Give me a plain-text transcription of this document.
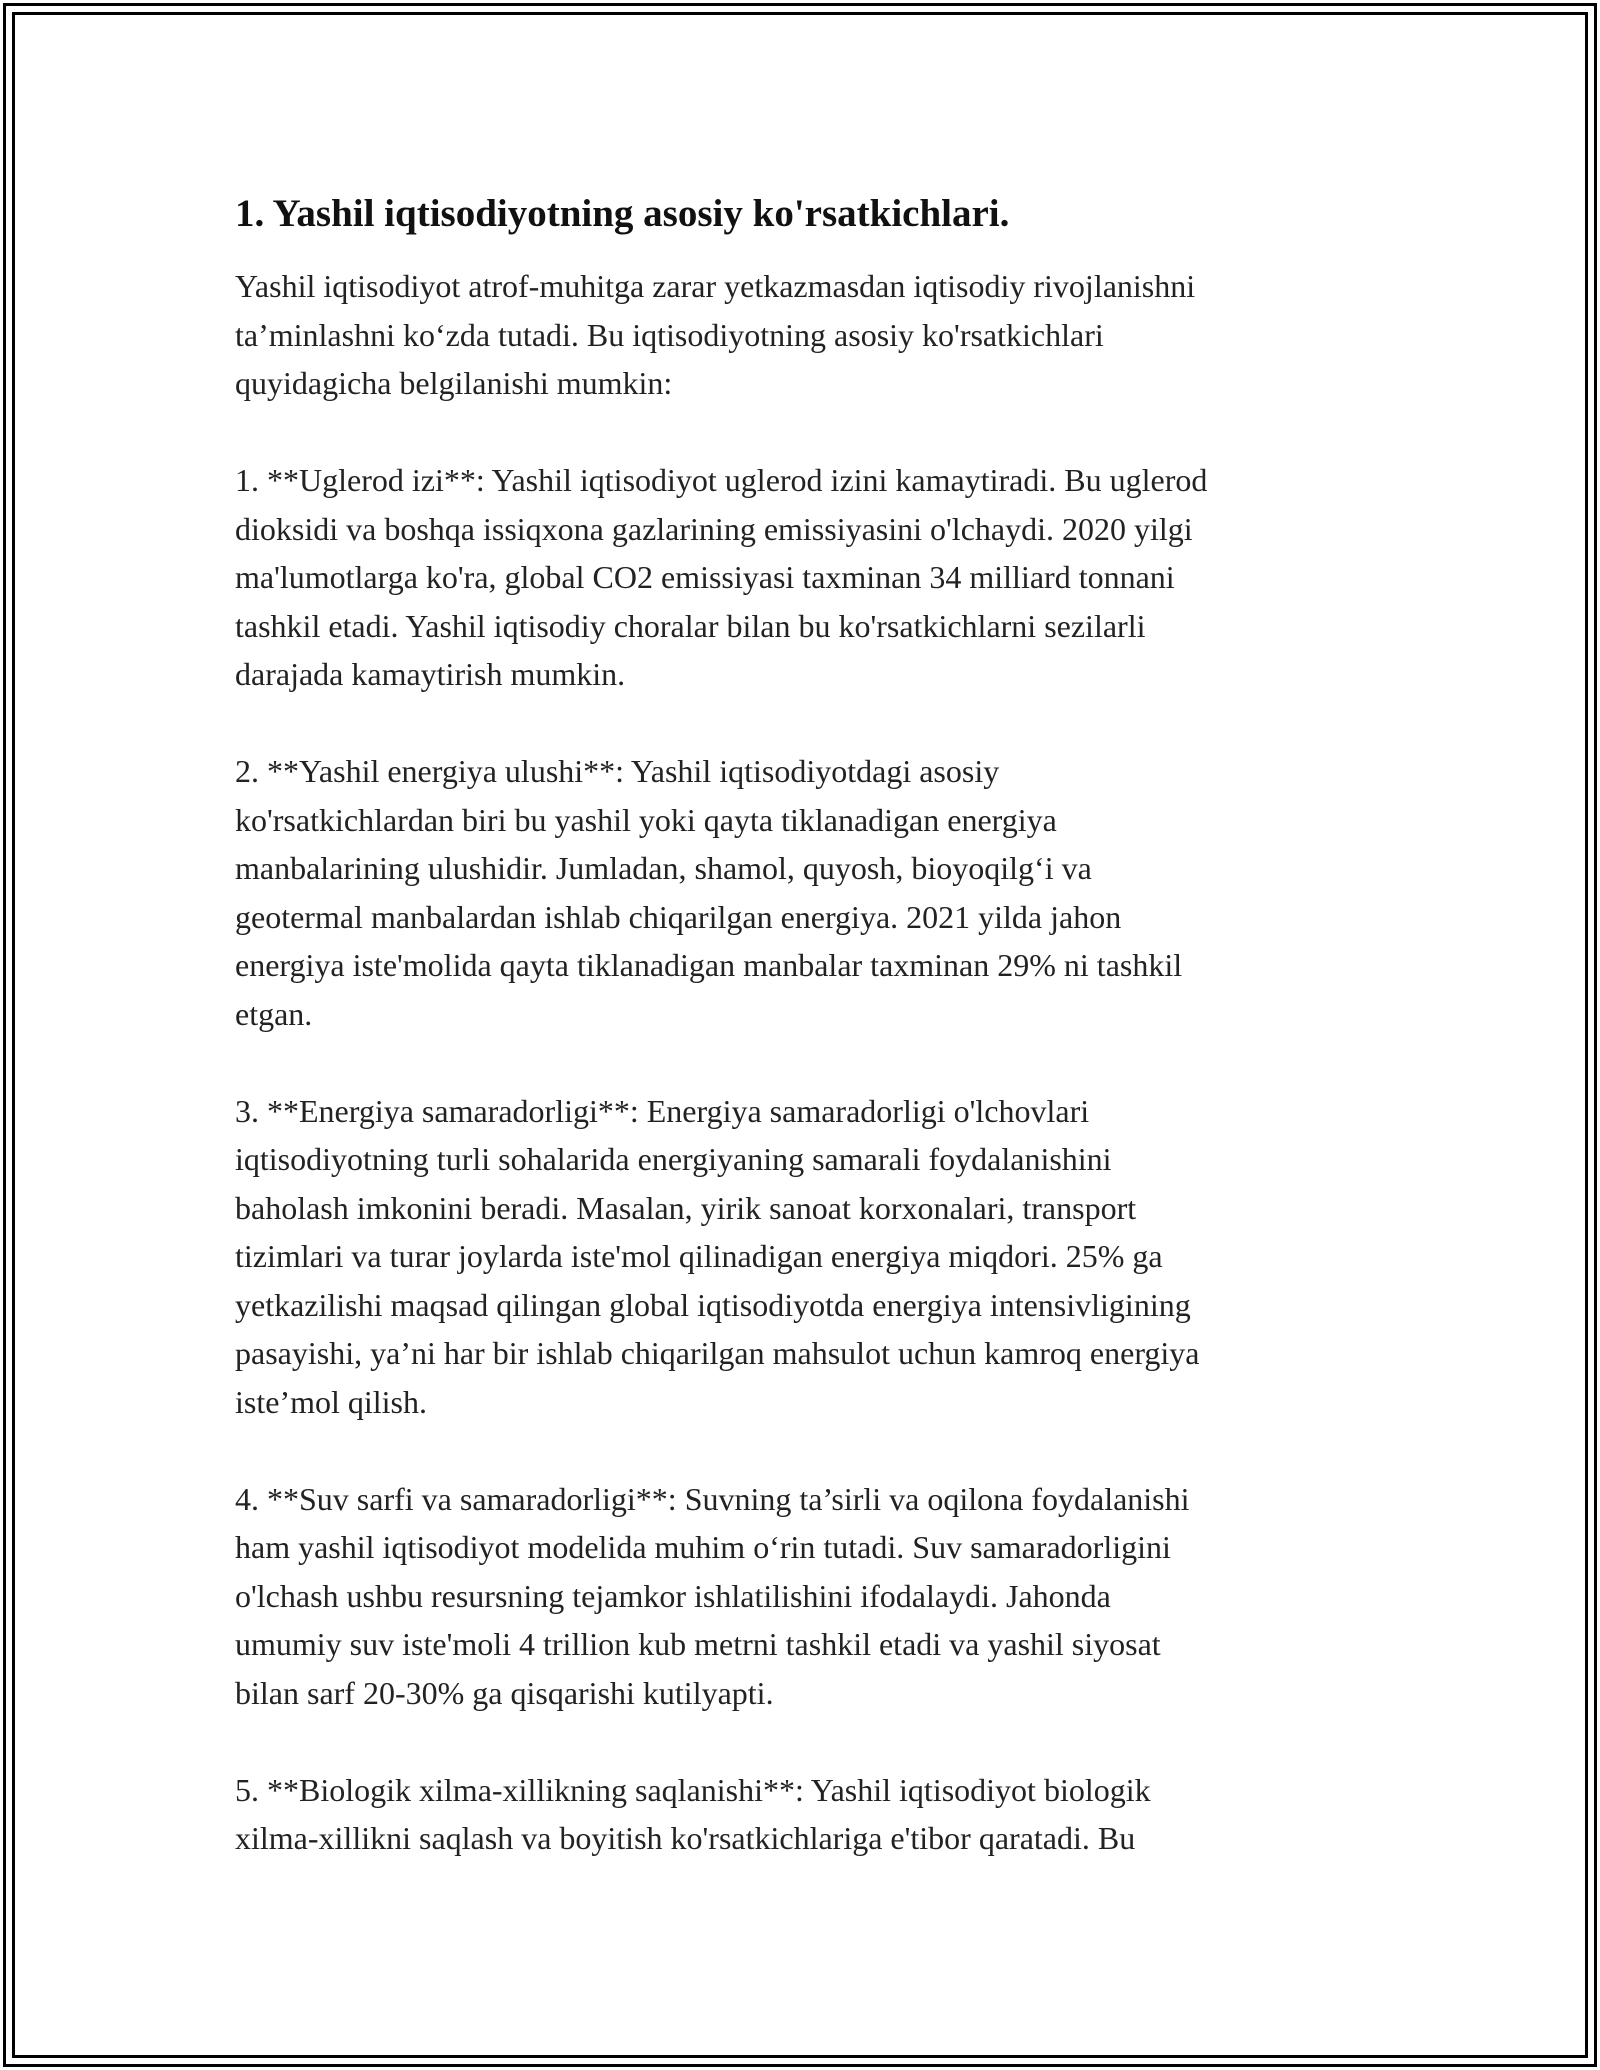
1. Yashil iqtisodiyotning asosiy ko'rsatkichlari.

Yashil iqtisodiyot atrof-muhitga zarar yetkazmasdan iqtisodiy rivojlanishni
ta’minlashni ko‘zda tutadi. Bu iqtisodiyotning asosiy ko'rsatkichlari
quyidagicha belgilanishi mumkin:

1. **Uglerod izi**: Yashil iqtisodiyot uglerod izini kamaytiradi. Bu uglerod
dioksidi va boshqa issiqxona gazlarining emissiyasini o'lchaydi. 2020 yilgi
ma'lumotlarga ko'ra, global CO2 emissiyasi taxminan 34 milliard tonnani
tashkil etadi. Yashil iqtisodiy choralar bilan bu ko'rsatkichlarni sezilarli
darajada kamaytirish mumkin.

2. **Yashil energiya ulushi**: Yashil iqtisodiyotdagi asosiy
ko'rsatkichlardan biri bu yashil yoki qayta tiklanadigan energiya
manbalarining ulushidir. Jumladan, shamol, quyosh, bioyoqilg‘i va
geotermal manbalardan ishlab chiqarilgan energiya. 2021 yilda jahon
energiya iste'molida qayta tiklanadigan manbalar taxminan 29% ni tashkil
etgan.

3. **Energiya samaradorligi**: Energiya samaradorligi o'lchovlari
iqtisodiyotning turli sohalarida energiyaning samarali foydalanishini
baholash imkonini beradi. Masalan, yirik sanoat korxonalari, transport
tizimlari va turar joylarda iste'mol qilinadigan energiya miqdori. 25% ga
yetkazilishi maqsad qilingan global iqtisodiyotda energiya intensivligining
pasayishi, ya’ni har bir ishlab chiqarilgan mahsulot uchun kamroq energiya
iste’mol qilish.

4. **Suv sarfi va samaradorligi**: Suvning ta’sirli va oqilona foydalanishi
ham yashil iqtisodiyot modelida muhim o‘rin tutadi. Suv samaradorligini
o'lchash ushbu resursning tejamkor ishlatilishini ifodalaydi. Jahonda
umumiy suv iste'moli 4 trillion kub metrni tashkil etadi va yashil siyosat
bilan sarf 20-30% ga qisqarishi kutilyapti.

5. **Biologik xilma-xillikning saqlanishi**: Yashil iqtisodiyot biologik
xilma-xillikni saqlash va boyitish ko'rsatkichlariga e'tibor qaratadi. Bu
